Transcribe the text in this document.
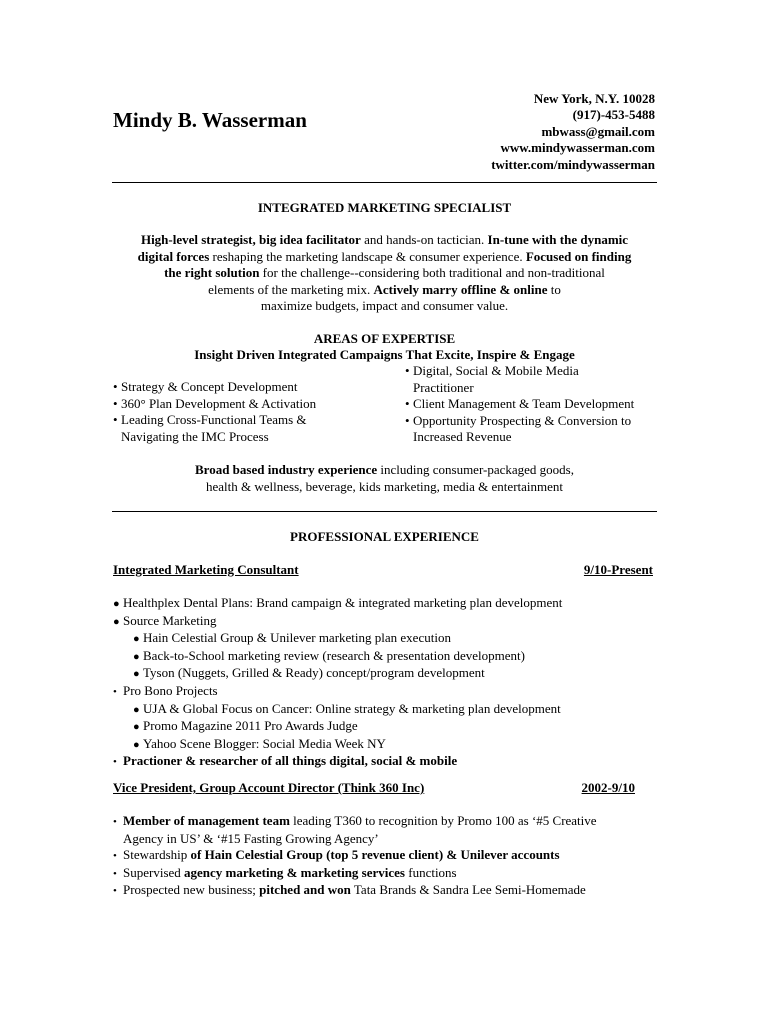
Mindy B. Wasserman
New York, N.Y. 10028
(917)-453-5488
mbwass@gmail.com
www.mindywasserman.com
twitter.com/mindywasserman
INTEGRATED MARKETING SPECIALIST
High-level strategist, big idea facilitator and hands-on tactician. In-tune with the dynamic
digital forces reshaping the marketing landscape & consumer experience. Focused on finding
the right solution for the challenge--considering both traditional and non-traditional
elements of the marketing mix. Actively marry offline & online to
maximize budgets, impact and consumer value.
AREAS OF EXPERTISE
Insight Driven Integrated Campaigns That Excite, Inspire & Engage
• Strategy & Concept Development
• 360° Plan Development & Activation
• Leading Cross-Functional Teams &
Navigating the IMC Process
• Digital, Social & Mobile Media
Practitioner
• Client Management & Team Development
• Opportunity Prospecting & Conversion to
Increased Revenue
Broad based industry experience including consumer-packaged goods,
health & wellness, beverage, kids marketing, media & entertainment
PROFESSIONAL EXPERIENCE
Integrated Marketing Consultant	9/10-Present
● Healthplex Dental Plans: Brand campaign & integrated marketing plan development
● Source Marketing
● Hain Celestial Group & Unilever marketing plan execution
● Back-to-School marketing review (research & presentation development)
● Tyson (Nuggets, Grilled & Ready) concept/program development
• Pro Bono Projects
● UJA & Global Focus on Cancer: Online strategy & marketing plan development
● Promo Magazine 2011 Pro Awards Judge
● Yahoo Scene Blogger: Social Media Week NY
• Practioner & researcher of all things digital, social & mobile
Vice President, Group Account Director (Think 360 Inc)	2002-9/10
• Member of management team leading T360 to recognition by Promo 100 as ‘#5 Creative
Agency in US’ & ‘#15 Fasting Growing Agency’
• Stewardship of Hain Celestial Group (top 5 revenue client) & Unilever accounts
• Supervised agency marketing & marketing services functions
• Prospected new business; pitched and won Tata Brands & Sandra Lee Semi-Homemade
